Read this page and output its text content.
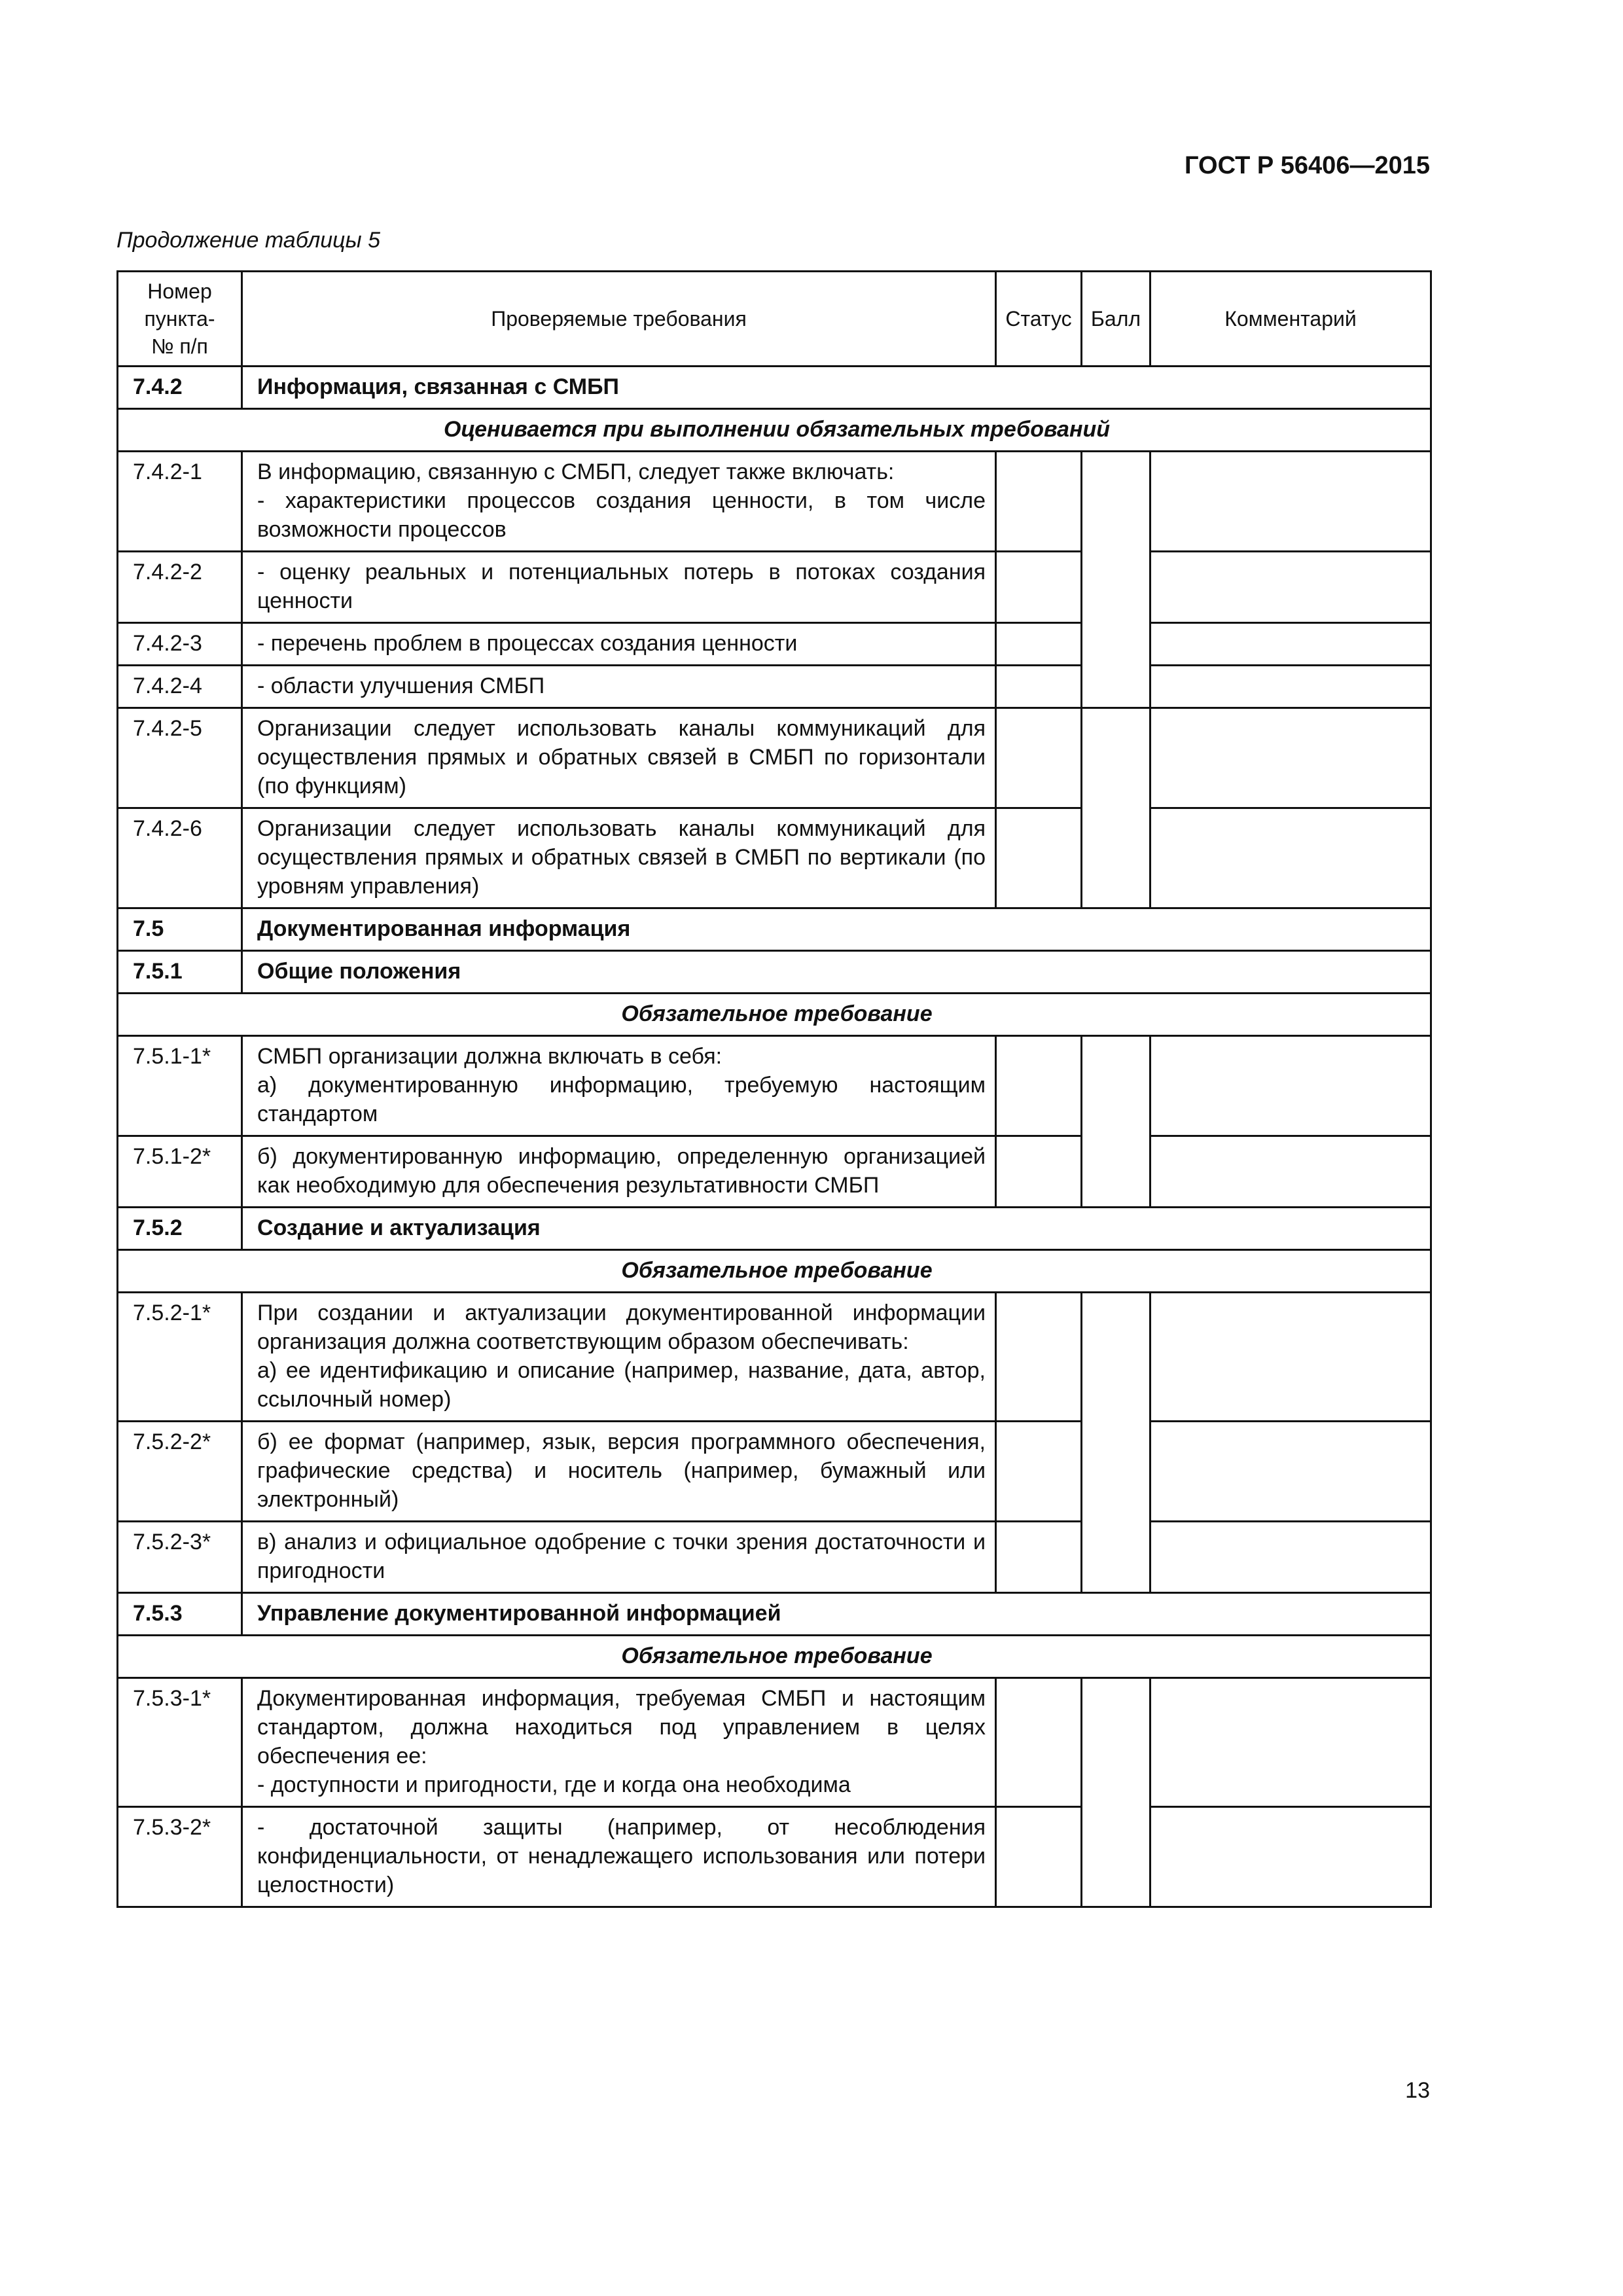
ГОСТ Р 56406—2015
Продолжение таблицы 5
Номер
пункта-
№ п/п	Проверяемые требования	Статус	Балл	Комментарий
7.4.2	Информация, связанная с СМБП			
Оценивается при выполнении обязательных требований				
7.4.2-1	В информацию, связанную с СМБП, следует также включать:
- характеристики процессов создания ценности, в том числе возможности процессов			
7.4.2-2	- оценку реальных и потенциальных потерь в потоках создания ценности			
7.4.2-3	- перечень проблем в процессах создания ценности			
7.4.2-4	- области улучшения СМБП			
7.4.2-5	Организации следует использовать каналы коммуникаций для осуществления прямых и обратных связей в СМБП по горизонтали (по функциям)			
7.4.2-6	Организации следует использовать каналы коммуникаций для осуществления прямых и обратных связей в СМБП по вертикали (по уровням управления)			
7.5	Документированная информация			
7.5.1	Общие положения			
Обязательное требование				
7.5.1-1*	СМБП организации должна включать в себя:
а) документированную информацию, требуемую настоящим стандартом			
7.5.1-2*	б) документированную информацию, определенную организацией как необходимую для обеспечения результативности СМБП			
7.5.2	Создание и актуализация			
Обязательное требование				
7.5.2-1*	При создании и актуализации документированной информации организация должна соответствующим образом обеспечивать:
а) ее идентификацию и описание (например, название, дата, автор, ссылочный номер)			
7.5.2-2*	б) ее формат (например, язык, версия программного обеспечения, графические средства) и носитель (например, бумажный или электронный)			
7.5.2-3*	в) анализ и официальное одобрение с точки зрения достаточности и пригодности			
7.5.3	Управление документированной информацией			
Обязательное требование				
7.5.3-1*	Документированная информация, требуемая СМБП и настоящим стандартом, должна находиться под управлением в целях обеспечения ее:
- доступности и пригодности, где и когда она необходима			
7.5.3-2*	- достаточной защиты (например, от несоблюдения конфиденциальности, от ненадлежащего использования или потери целостности)			
13
